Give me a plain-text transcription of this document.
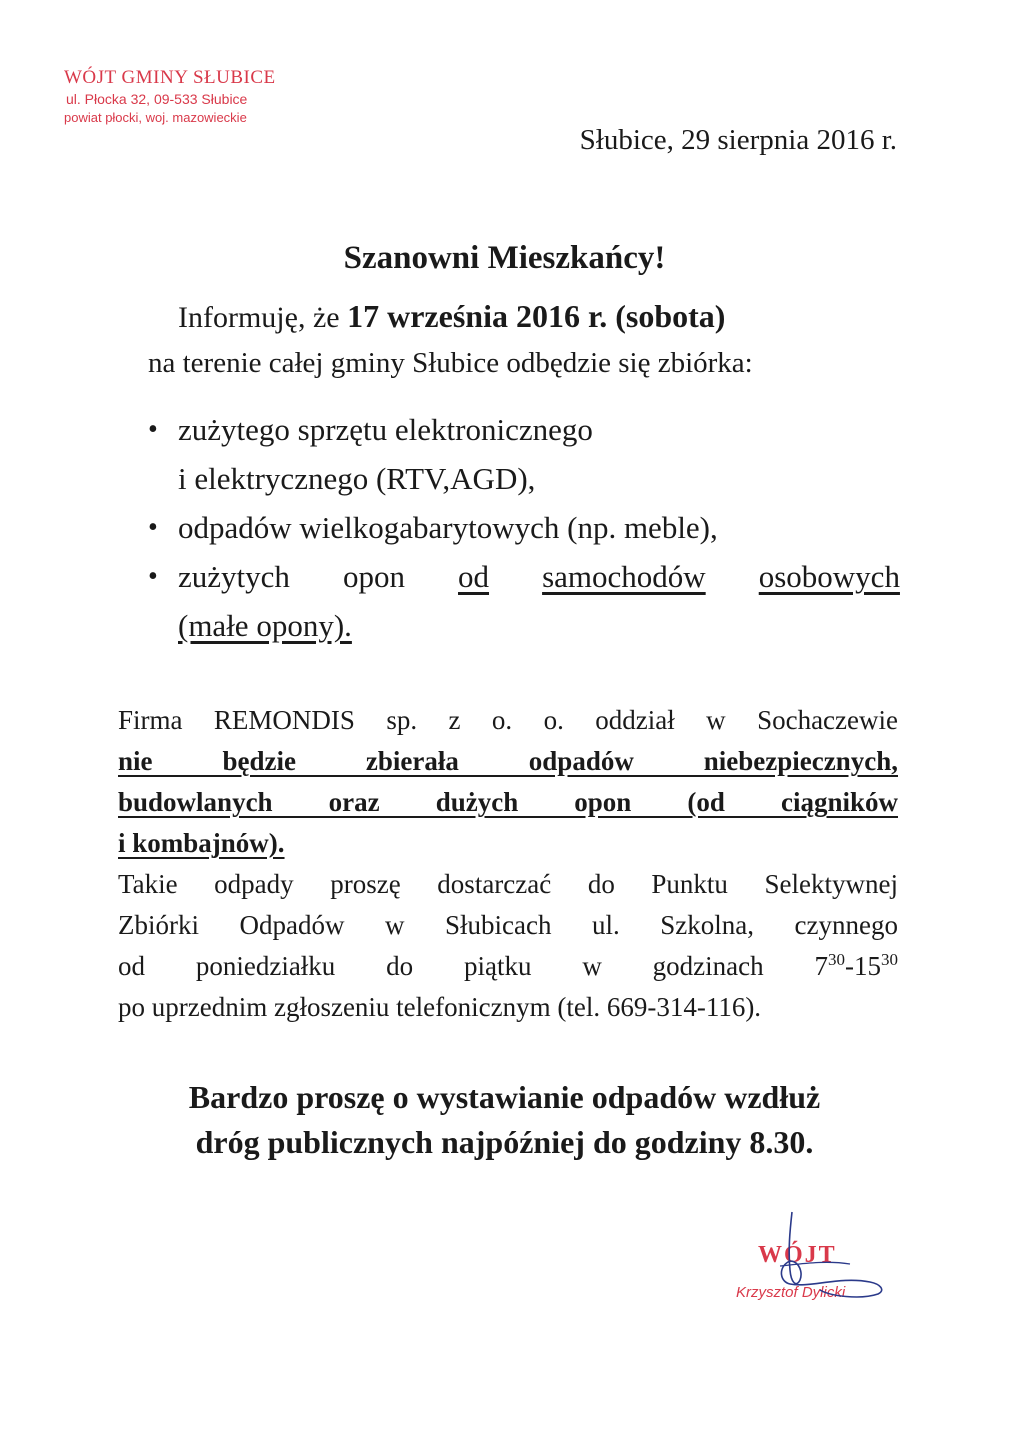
WÓJT GMINY SŁUBICE
ul. Płocka 32, 09-533 Słubice
powiat płocki, woj. mazowieckie
Słubice, 29 sierpnia 2016 r.
Szanowni Mieszkańcy!
Informuję, że 17 września 2016 r. (sobota)
na terenie całej gminy Słubice odbędzie się zbiórka:
• zużytego sprzętu elektronicznego
i elektrycznego (RTV,AGD),
• odpadów wielkogabarytowych (np. meble),
• zużytych opon od samochodów osobowych
(małe opony).
Firma REMONDIS sp. z o. o. oddział w Sochaczewie
nie będzie zbierała odpadów niebezpiecznych,
budowlanych oraz dużych opon (od ciągników
i kombajnów).
Takie odpady proszę dostarczać do Punktu Selektywnej
Zbiórki Odpadów w Słubicach ul. Szkolna, czynnego
od poniedziałku do piątku w godzinach $7^{30}-15^{30}$
po uprzednim zgłoszeniu telefonicznym (tel. 669-314-116).
Bardzo proszę o wystawianie odpadów wzdłuż
dróg publicznych najpóźniej do godziny 8.30.
WÓJT
Krzysztof Dylicki
